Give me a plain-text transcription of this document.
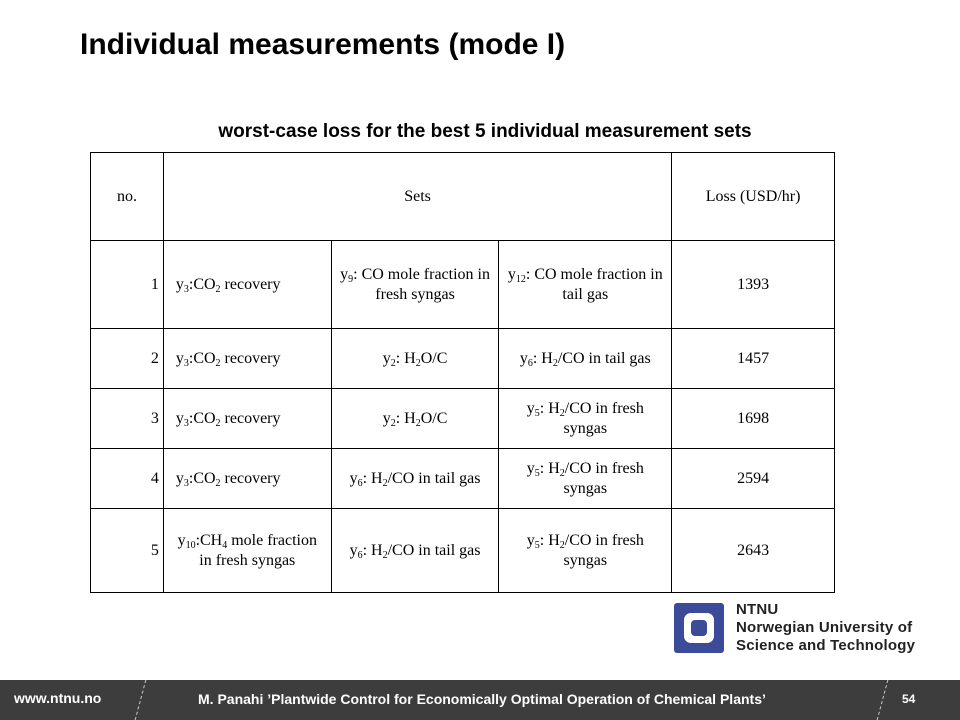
Individual measurements (mode I)
worst-case loss for the best 5 individual measurement sets
no.	Sets			Loss (USD/hr)
1	$y_3:CO_2$ recovery	$y_9$: CO mole fraction in fresh syngas	$y_{12}$: CO mole fraction in tail gas	1393
2	$y_3:CO_2$ recovery	$y_2$: $H_2O/C$	$y_6$: $H_2/CO$ in tail gas	1457
3	$y_3:CO_2$ recovery	$y_2$: $H_2O/C$	$y_5$: $H_2/CO$ in fresh syngas	1698
4	$y_3:CO_2$ recovery	$y_6$: $H_2/CO$ in tail gas	$y_5$: $H_2/CO$ in fresh syngas	2594
5	$y_{10}:CH_4$ mole fraction in fresh syngas	$y_6$: $H_2/CO$ in tail gas	$y_5$: $H_2/CO$ in fresh syngas	2643
NTNU
Norwegian University of
Science and Technology
www.ntnu.no	M. Panahi ’Plantwide Control for Economically Optimal Operation of Chemical Plants’	54
